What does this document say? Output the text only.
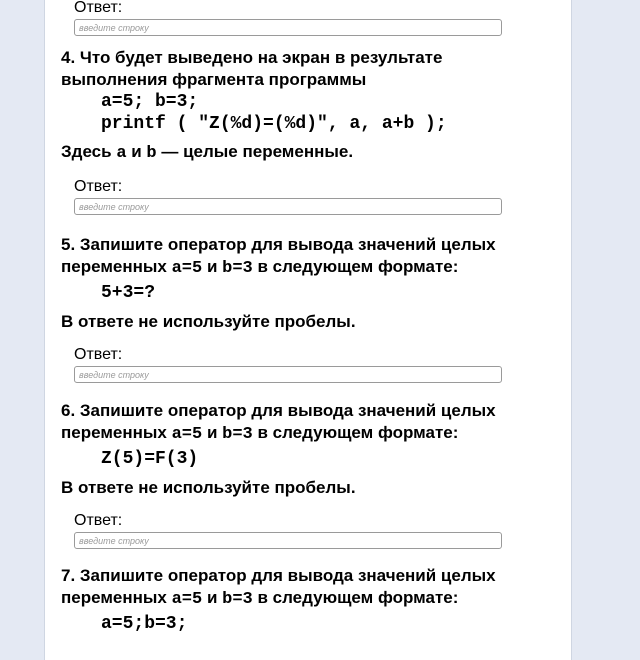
Ответ:
введите строку

4. Что будет выведено на экран в результате
выполнения фрагмента программы

a=5; b=3;

printf ( "Z(%d)=(%d)", a, a+b );

Здесь a и b — целые переменные.

Ответ:
введите строку

5. Запишите оператор для вывода значений целых
переменных a=5 и b=3 в следующем формате:

5+3=?

В ответе не используйте пробелы.

Ответ:
введите строку

6. Запишите оператор для вывода значений целых
переменных a=5 и b=3 в следующем формате:

Z(5)=F(3)

В ответе не используйте пробелы.

Ответ:
введите строку

7. Запишите оператор для вывода значений целых
переменных a=5 и b=3 в следующем формате:

a=5;b=3;
